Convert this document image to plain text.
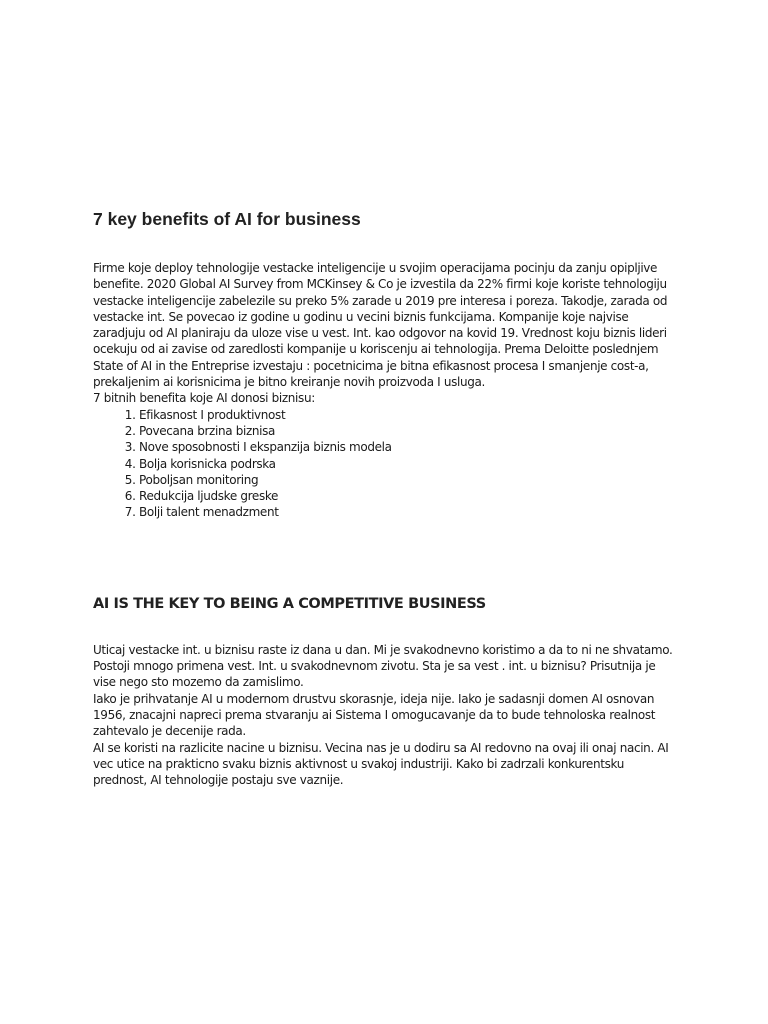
7 key benefits of AI for business

Firme koje deploy tehnologije vestacke inteligencije u svojim operacijama pocinju da zanju opipljive benefite. 2020 Global AI Survey from MCKinsey & Co je izvestila da 22% firmi koje koriste tehnologiju vestacke inteligencije zabelezile su preko 5% zarade u 2019 pre interesa i poreza. Takodje, zarada od vestacke int. Se povecao iz godine u godinu u vecini biznis funkcijama. Kompanije koje najvise zaradjuju od AI planiraju da uloze vise u vest. Int. kao odgovor na kovid 19. Vrednost koju biznis lideri ocekuju od ai zavise od zaredlosti kompanije u koriscenju ai tehnologija. Prema Deloitte poslednjem State of AI in the Entreprise izvestaju : pocetnicima je bitna efikasnost procesa I smanjenje cost-a, prekaljenim ai korisnicima je bitno kreiranje novih proizvoda I usluga.

7 bitnih benefita koje AI donosi biznisu:

1. Efikasnost I produktivnost
2. Povecana brzina biznisa
3. Nove sposobnosti I ekspanzija biznis modela
4. Bolja korisnicka podrska
5. Poboljsan monitoring
6. Redukcija ljudske greske
7. Bolji talent menadzment
AI IS THE KEY TO BEING A COMPETITIVE BUSINESS

Uticaj vestacke int. u biznisu raste iz dana u dan. Mi je svakodnevno koristimo a da to ni ne shvatamo. Postoji mnogo primena vest. Int. u svakodnevnom zivotu. Sta je sa vest . int. u biznisu? Prisutnija je vise nego sto mozemo da zamislimo.

Iako je prihvatanje AI u modernom drustvu skorasnje, ideja nije. Iako je sadasnji domen AI osnovan 1956, znacajni napreci prema stvaranju ai Sistema I omogucavanje da to bude tehnoloska realnost zahtevalo je decenije rada.

AI se koristi na razlicite nacine u biznisu. Vecina nas je u dodiru sa AI redovno na ovaj ili onaj nacin. AI vec utice na prakticno svaku biznis aktivnost u svakoj industriji. Kako bi zadrzali konkurentsku prednost, AI tehnologije postaju sve vaznije.
